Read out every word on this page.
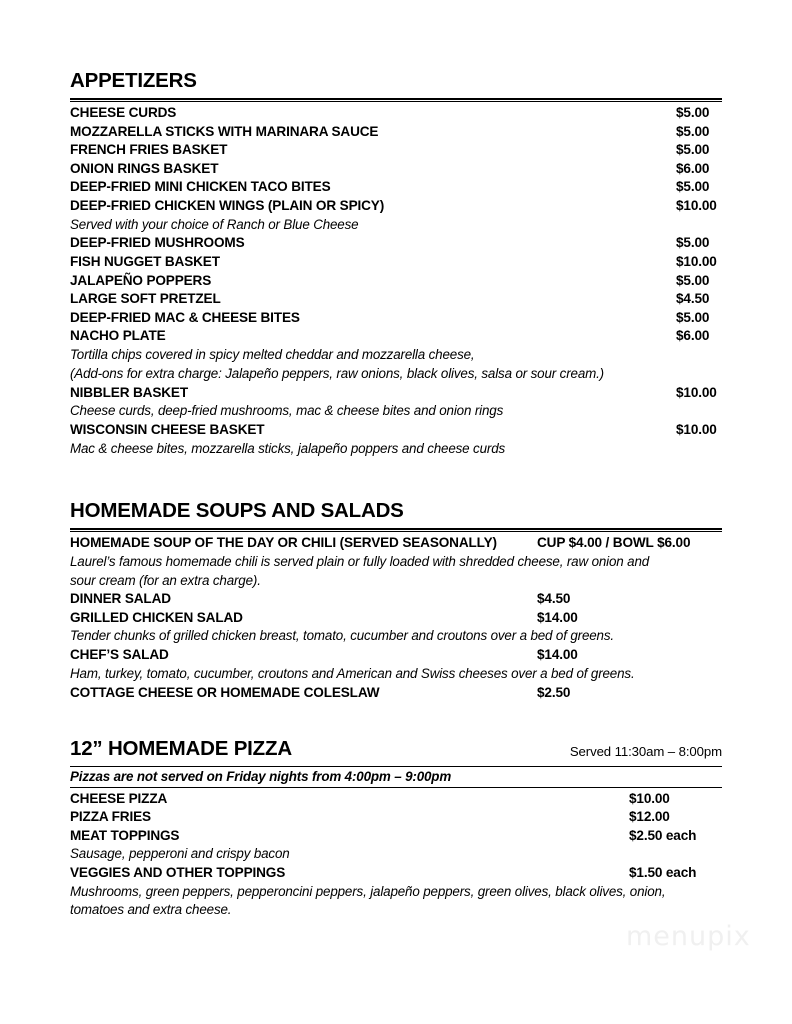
APPETIZERS
CHEESE CURDS	$5.00
MOZZARELLA STICKS WITH MARINARA SAUCE	$5.00
FRENCH FRIES BASKET	$5.00
ONION RINGS BASKET	$6.00
DEEP-FRIED MINI CHICKEN TACO BITES	$5.00
DEEP-FRIED CHICKEN WINGS (PLAIN OR SPICY)	$10.00
Served with your choice of Ranch or Blue Cheese
DEEP-FRIED MUSHROOMS	$5.00
FISH NUGGET BASKET	$10.00
JALAPEÑO POPPERS	$5.00
LARGE SOFT PRETZEL	$4.50
DEEP-FRIED MAC & CHEESE BITES	$5.00
NACHO PLATE	$6.00
Tortilla chips covered in spicy melted cheddar and mozzarella cheese,
(Add-ons for extra charge: Jalapeño peppers, raw onions, black olives, salsa or sour cream.)
NIBBLER BASKET	$10.00
Cheese curds, deep-fried mushrooms, mac & cheese bites and onion rings
WISCONSIN CHEESE BASKET	$10.00
Mac & cheese bites, mozzarella sticks, jalapeño poppers and cheese curds
HOMEMADE SOUPS AND SALADS
HOMEMADE SOUP OF THE DAY OR CHILI (SERVED SEASONALLY)	CUP $4.00 / BOWL $6.00
Laurel’s famous homemade chili is served plain or fully loaded with shredded cheese, raw onion and
sour cream (for an extra charge).
DINNER SALAD	$4.50
GRILLED CHICKEN SALAD	$14.00
Tender chunks of grilled chicken breast, tomato, cucumber and croutons over a bed of greens.
CHEF’S SALAD	$14.00
Ham, turkey, tomato, cucumber, croutons and American and Swiss cheeses over a bed of greens.
COTTAGE CHEESE OR HOMEMADE COLESLAW	$2.50
12” HOMEMADE PIZZA	Served 11:30am – 8:00pm
Pizzas are not served on Friday nights from 4:00pm – 9:00pm
CHEESE PIZZA	$10.00
PIZZA FRIES	$12.00
MEAT TOPPINGS	$2.50 each
Sausage, pepperoni and crispy bacon
VEGGIES AND OTHER TOPPINGS	$1.50 each
Mushrooms, green peppers, pepperoncini peppers, jalapeño peppers, green olives, black olives, onion,
tomatoes and extra cheese.
menupix
